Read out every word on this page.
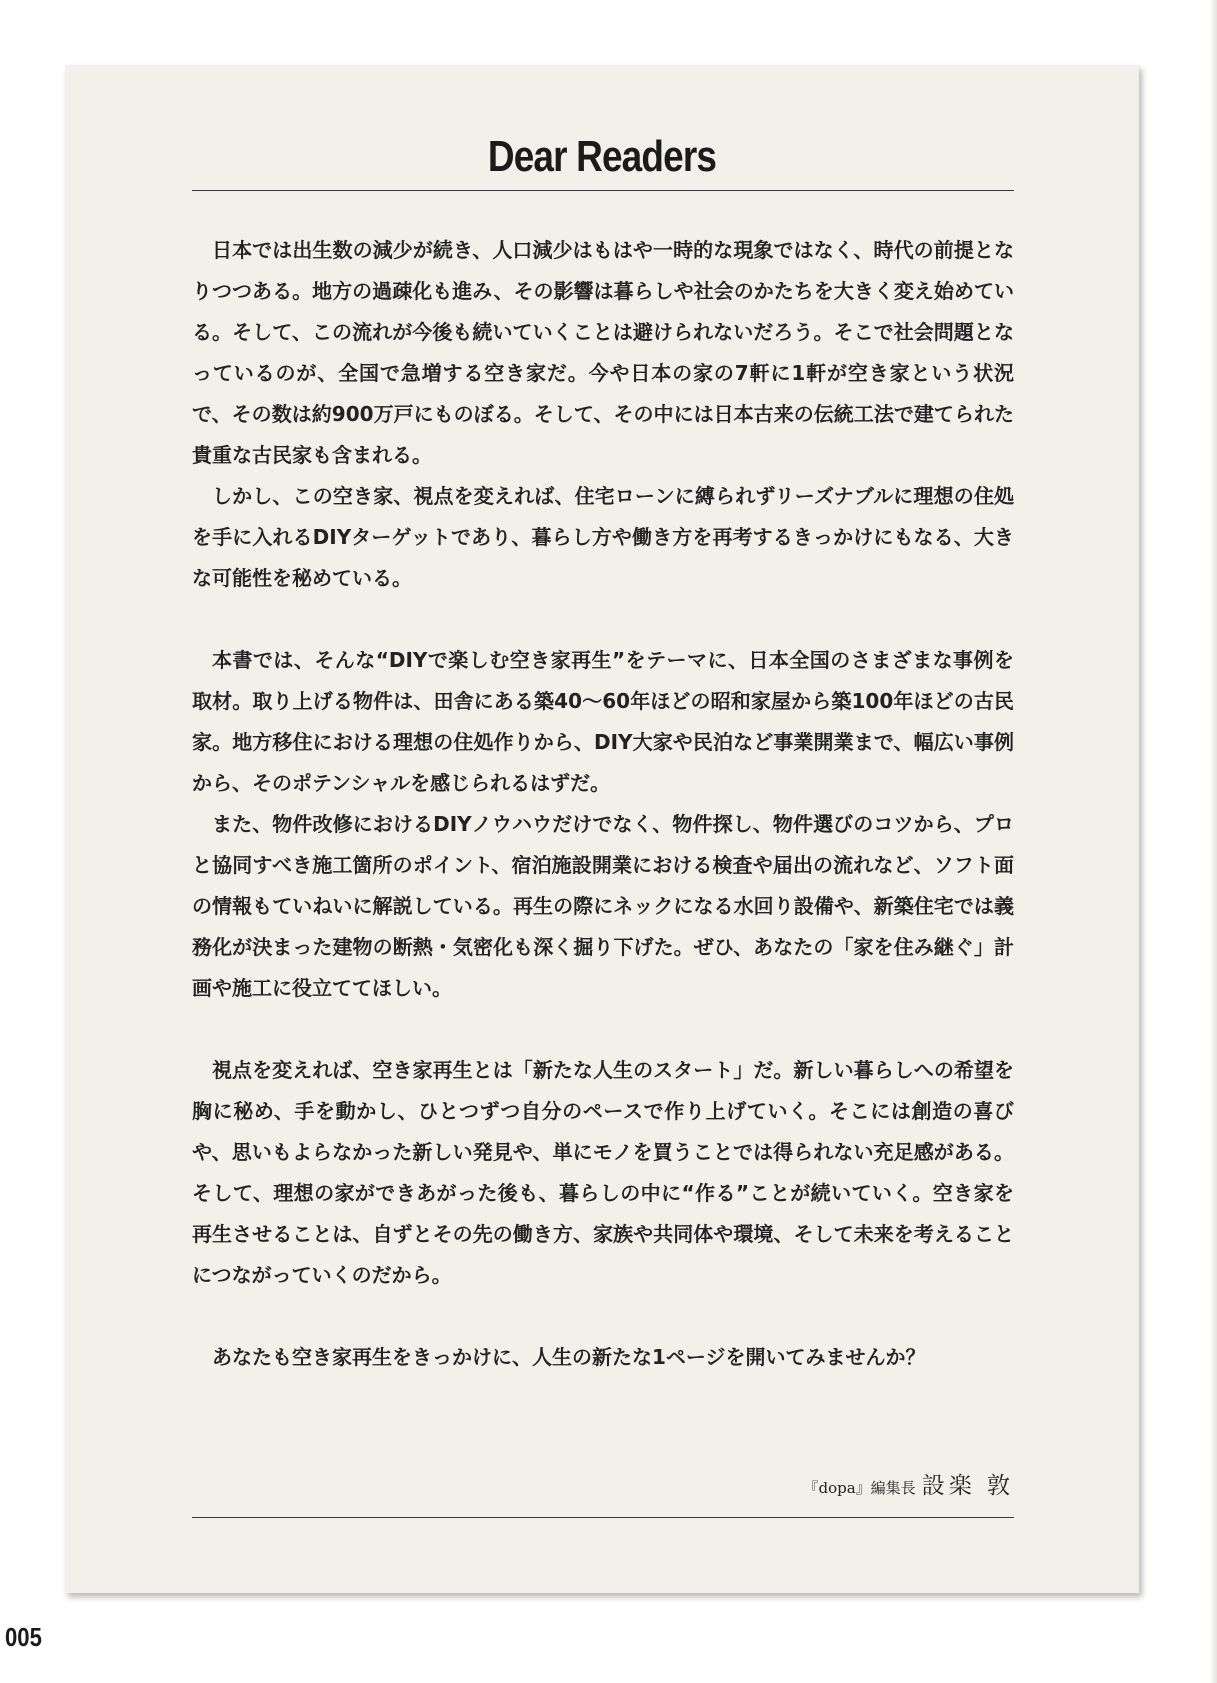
Dear Readers

日本では出生数の減少が続き、人口減少はもはや一時的な現象ではなく、時代の前提となりつつある。地方の過疎化も進み、その影響は暮らしや社会のかたちを大きく変え始めている。そして、この流れが今後も続いていくことは避けられないだろう。そこで社会問題となっているのが、全国で急増する空き家だ。今や日本の家の7軒に1軒が空き家という状況で、その数は約900万戸にものぼる。そして、その中には日本古来の伝統工法で建てられた貴重な古民家も含まれる。

しかし、この空き家、視点を変えれば、住宅ローンに縛られずリーズナブルに理想の住処を手に入れるDIYターゲットであり、暮らし方や働き方を再考するきっかけにもなる、大きな可能性を秘めている。

本書では、そんな“DIYで楽しむ空き家再生”をテーマに、日本全国のさまざまな事例を取材。取り上げる物件は、田舎にある築40〜60年ほどの昭和家屋から築100年ほどの古民家。地方移住における理想の住処作りから、DIY大家や民泊など事業開業まで、幅広い事例から、そのポテンシャルを感じられるはずだ。

また、物件改修におけるDIYノウハウだけでなく、物件探し、物件選びのコツから、プロと協同すべき施工箇所のポイント、宿泊施設開業における検査や届出の流れなど、ソフト面の情報もていねいに解説している。再生の際にネックになる水回り設備や、新築住宅では義務化が決まった建物の断熱・気密化も深く掘り下げた。ぜひ、あなたの「家を住み継ぐ」計画や施工に役立ててほしい。

視点を変えれば、空き家再生とは「新たな人生のスタート」だ。新しい暮らしへの希望を胸に秘め、手を動かし、ひとつずつ自分のペースで作り上げていく。そこには創造の喜びや、思いもよらなかった新しい発見や、単にモノを買うことでは得られない充足感がある。そして、理想の家ができあがった後も、暮らしの中に“作る”ことが続いていく。空き家を再生させることは、自ずとその先の働き方、家族や共同体や環境、そして未来を考えることにつながっていくのだから。

あなたも空き家再生をきっかけに、人生の新たな1ページを開いてみませんか？

『dopa』編集長 設楽 敦
005
